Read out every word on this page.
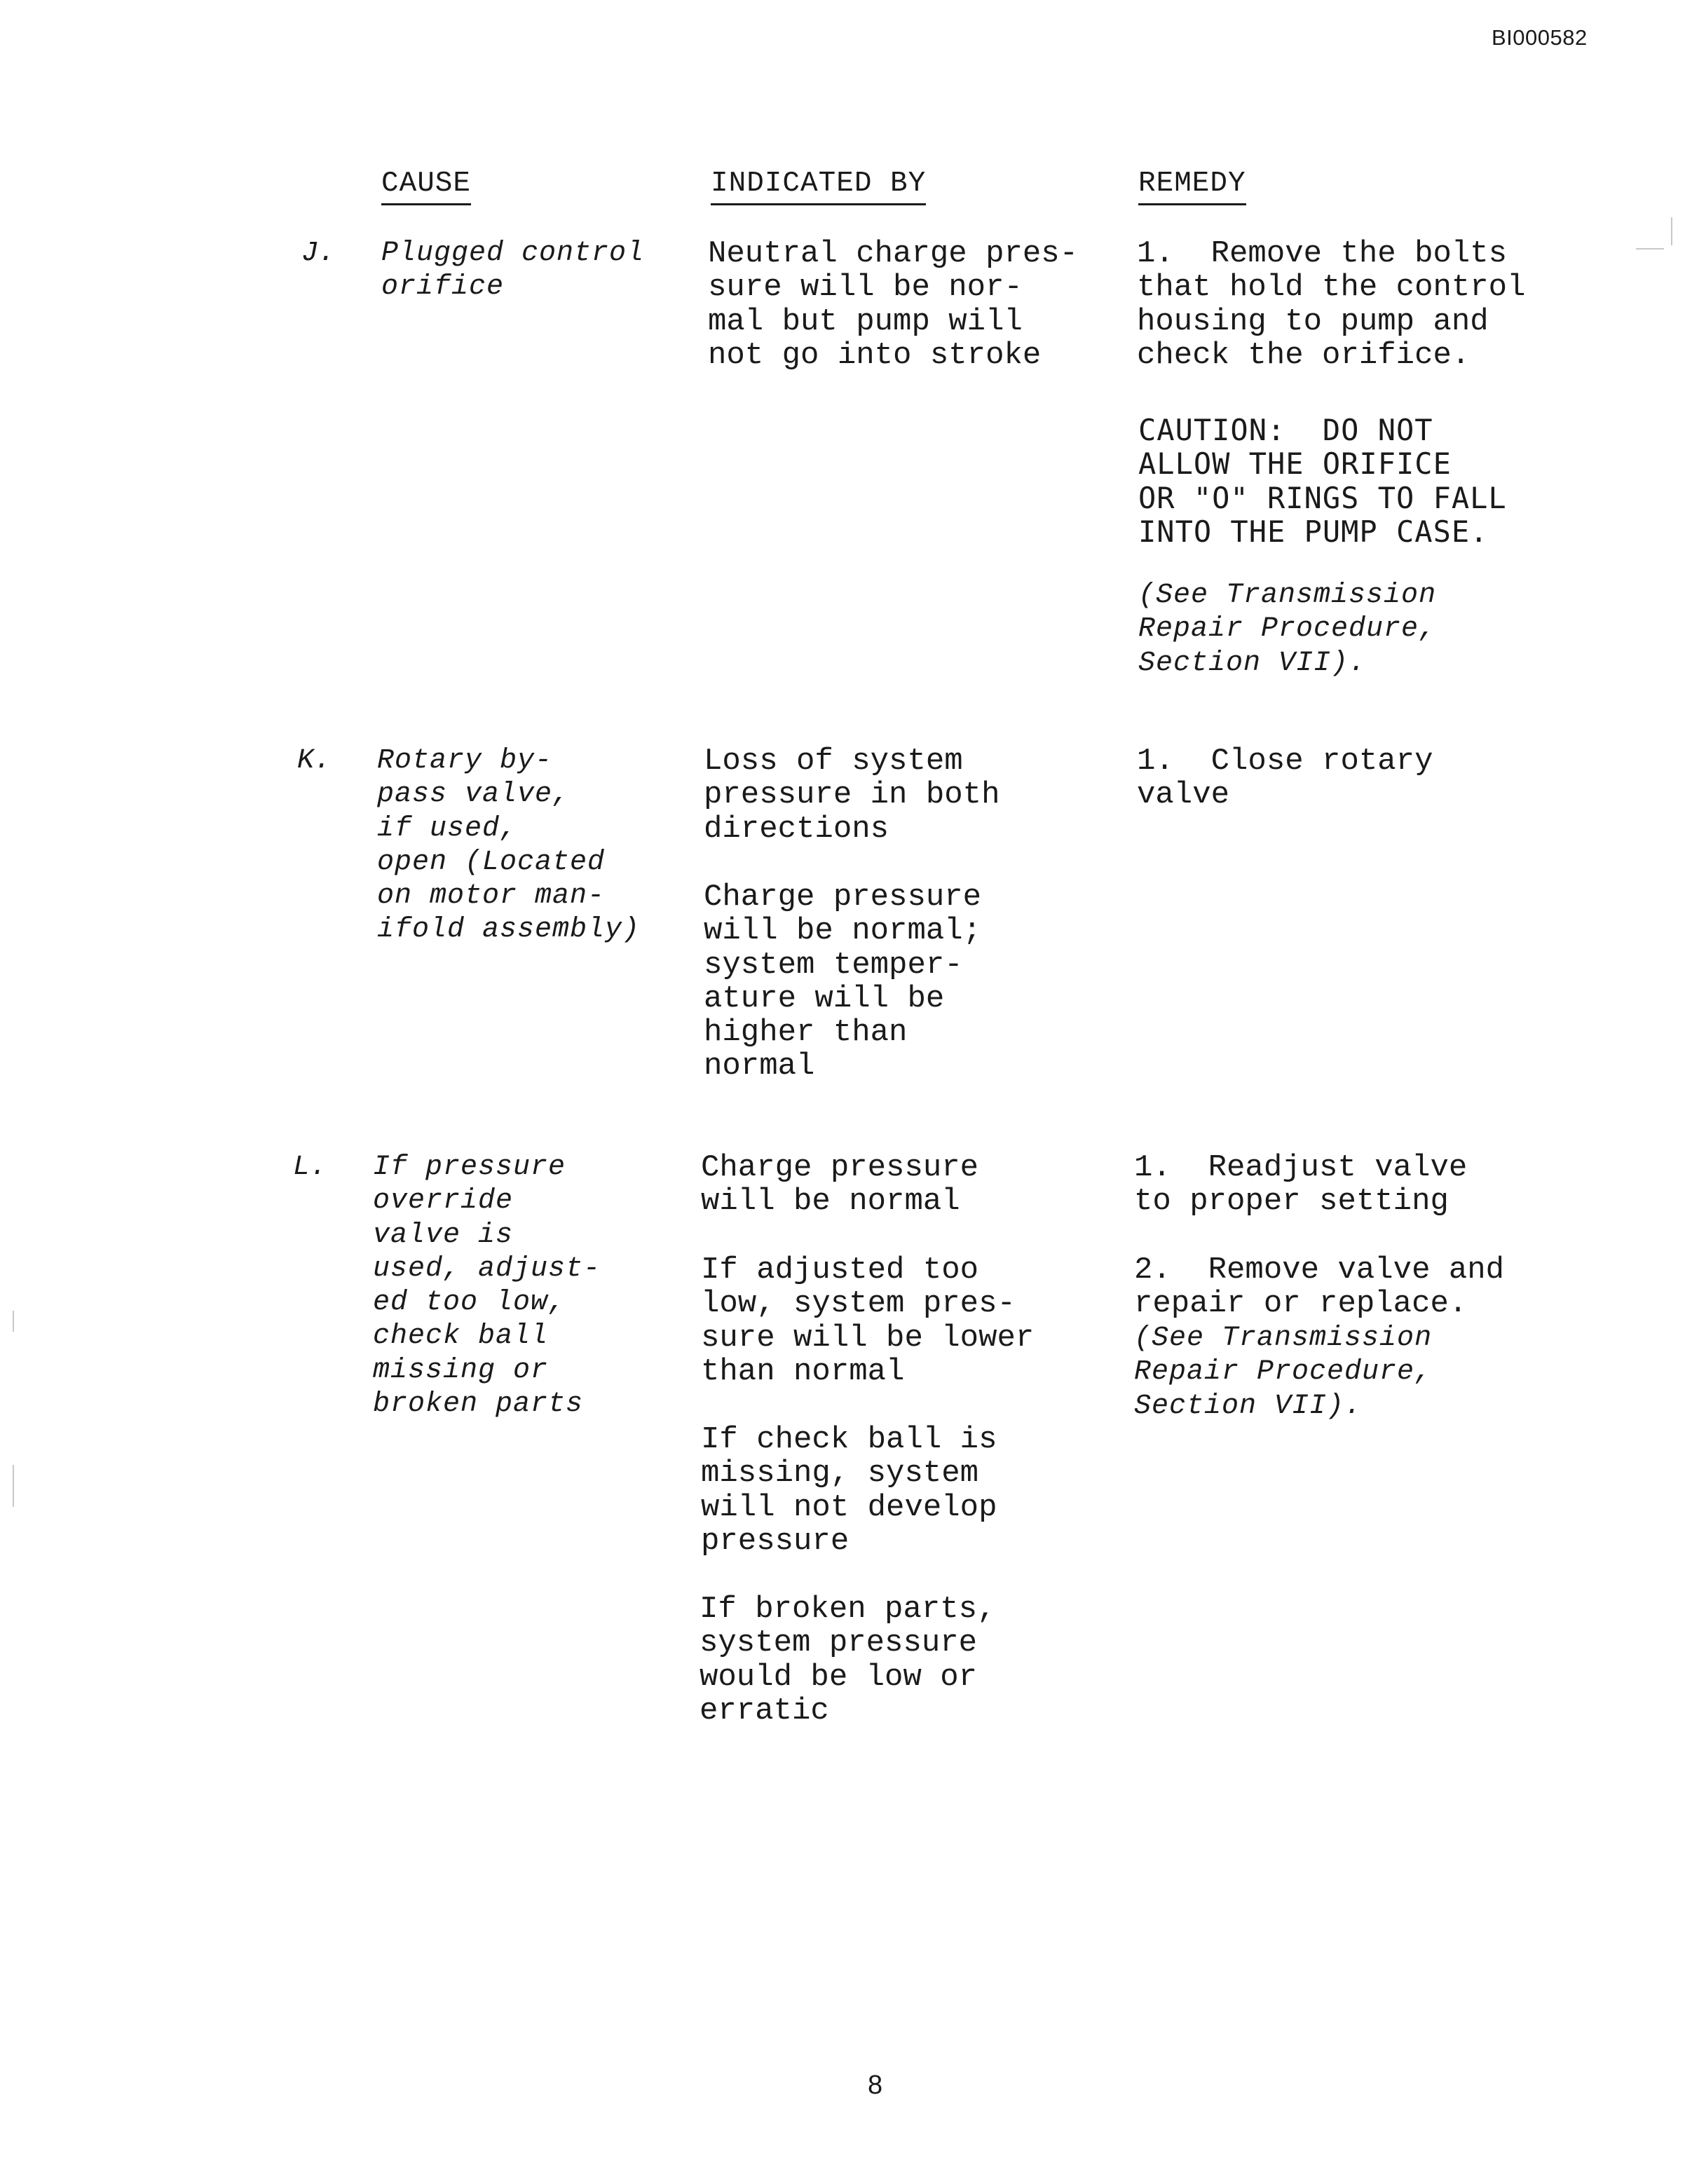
BI000582
CAUSE	INDICATED BY	REMEDY
J. Plugged control
orifice
Neutral charge pres-
sure will be nor-
mal but pump will
not go into stroke
1.  Remove the bolts
that hold the control
housing to pump and
check the orifice.
CAUTION:  DO NOT
ALLOW THE ORIFICE
OR "O" RINGS TO FALL
INTO THE PUMP CASE.
(See Transmission
Repair Procedure,
Section VII).
K. Rotary by-
pass valve,
if used,
open (Located
on motor man-
ifold assembly)
Loss of system
pressure in both
directions
Charge pressure
will be normal;
system temper-
ature will be
higher than
normal
1.  Close rotary
valve
L. If pressure
override
valve is
used, adjust-
ed too low,
check ball
missing or
broken parts
Charge pressure
will be normal
If adjusted too
low, system pres-
sure will be lower
than normal
If check ball is
missing, system
will not develop
pressure
If broken parts,
system pressure
would be low or
erratic
1.  Readjust valve
to proper setting
2.  Remove valve and
repair or replace.
(See Transmission
Repair Procedure,
Section VII).
8
